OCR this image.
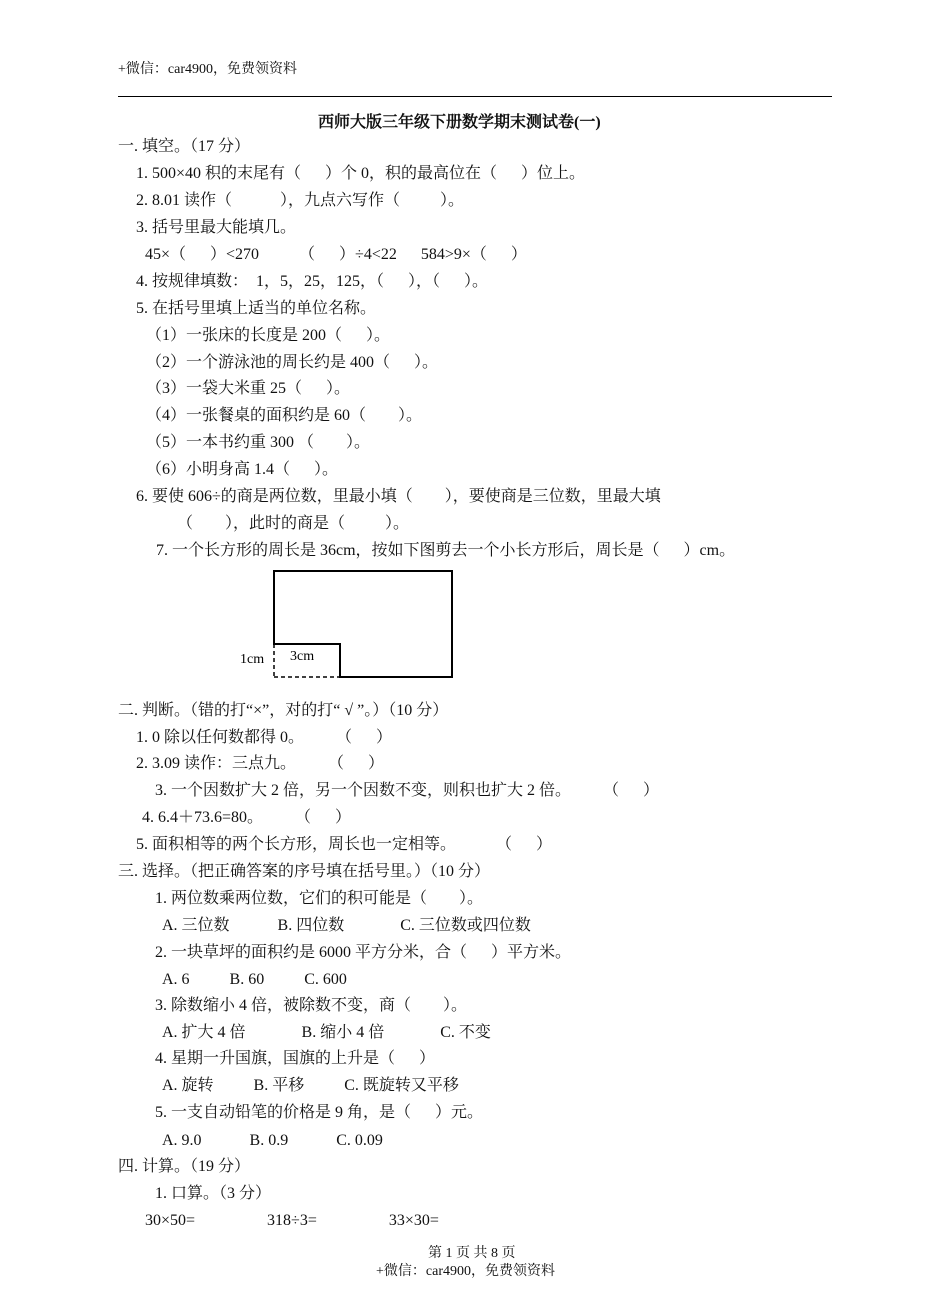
+微信：car4900，免费领资料
西师大版三年级下册数学期末测试卷(一)
一. 填空。（17 分）
1. 500×40 积的末尾有（      ）个 0，积的最高位在（      ）位上。
2. 8.01 读作（            ），九点六写作（          ）。
3. 括号里最大能填几。
45×（      ）<270          （      ）÷4<22      584>9×（      ）
4. 按规律填数：  1，5，25，125，（      ），（      ）。
5. 在括号里填上适当的单位名称。
（1）一张床的长度是 200（      ）。
（2）一个游泳池的周长约是 400（      ）。
（3）一袋大米重 25（      ）。
（4）一张餐桌的面积约是 60（        ）。
（5）一本书约重 300 （        ）。
（6）小明身高 1.4（      ）。
6. 要使 606÷的商是两位数，里最小填（        ），要使商是三位数，里最大填
（        ），此时的商是（          ）。
7. 一个长方形的周长是 36cm，按如下图剪去一个小长方形后，周长是（      ）cm。
1cm 3cm
二. 判断。（错的打“×”，对的打“ √ ”。）（10 分）
1. 0 除以任何数都得 0。        （      ）
2. 3.09 读作：三点九。        （      ）
3. 一个因数扩大 2 倍，另一个因数不变，则积也扩大 2 倍。        （      ）
4. 6.4＋73.6=80。        （      ）
5. 面积相等的两个长方形，周长也一定相等。          （      ）
三. 选择。（把正确答案的序号填在括号里。）（10 分）
1. 两位数乘两位数，它们的积可能是（        ）。
A. 三位数            B. 四位数              C. 三位数或四位数
2. 一块草坪的面积约是 6000 平方分米，合（      ）平方米。
A. 6          B. 60          C. 600
3. 除数缩小 4 倍，被除数不变，商（        ）。
A. 扩大 4 倍              B. 缩小 4 倍              C. 不变
4. 星期一升国旗，国旗的上升是（      ）
A. 旋转          B. 平移          C. 既旋转又平移
5. 一支自动铅笔的价格是 9 角，是（      ）元。
A. 9.0            B. 0.9            C. 0.09
四. 计算。（19 分）
1. 口算。（3 分）
30×50=                  318÷3=                  33×30=
第 1 页 共 8 页
+微信：car4900，免费领资料
